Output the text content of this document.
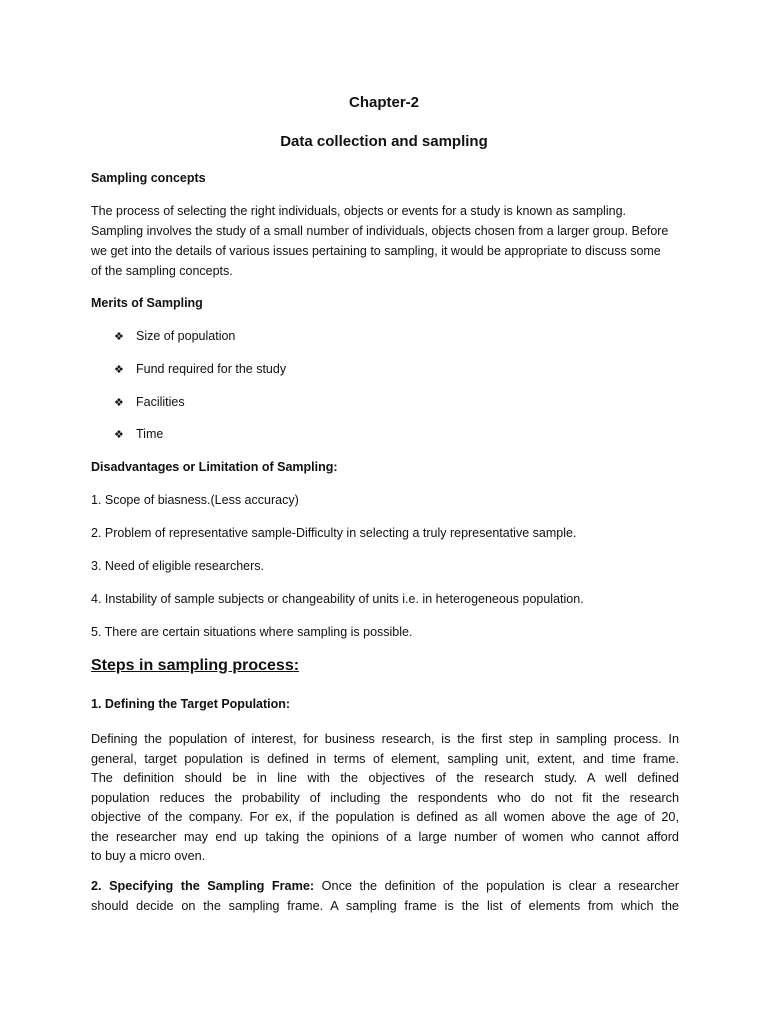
Chapter-2

Data collection and sampling

Sampling concepts

The process of selecting the right individuals, objects or events for a study is known as sampling.
Sampling involves the study of a small number of individuals, objects chosen from a larger group. Before
we get into the details of various issues pertaining to sampling, it would be appropriate to discuss some
of the sampling concepts.

Merits of Sampling

❖ Size of population

❖ Fund required for the study

❖ Facilities

❖ Time

Disadvantages or Limitation of Sampling:

1. Scope of biasness.(Less accuracy)

2. Problem of representative sample-Difficulty in selecting a truly representative sample.

3. Need of eligible researchers.

4. Instability of sample subjects or changeability of units i.e. in heterogeneous population.

5. There are certain situations where sampling is possible.

Steps in sampling process:

1. Defining the Target Population:

Defining the population of interest, for business research, is the first step in sampling process. In
general, target population is defined in terms of element, sampling unit, extent, and time frame.
The definition should be in line with the objectives of the research study. A well defined
population reduces the probability of including the respondents who do not fit the research
objective of the company. For ex, if the population is defined as all women above the age of 20,
the researcher may end up taking the opinions of a large number of women who cannot afford
to buy a micro oven.
2. Specifying the Sampling Frame: Once the definition of the population is clear a researcher
should decide on the sampling frame. A sampling frame is the list of elements from which the
